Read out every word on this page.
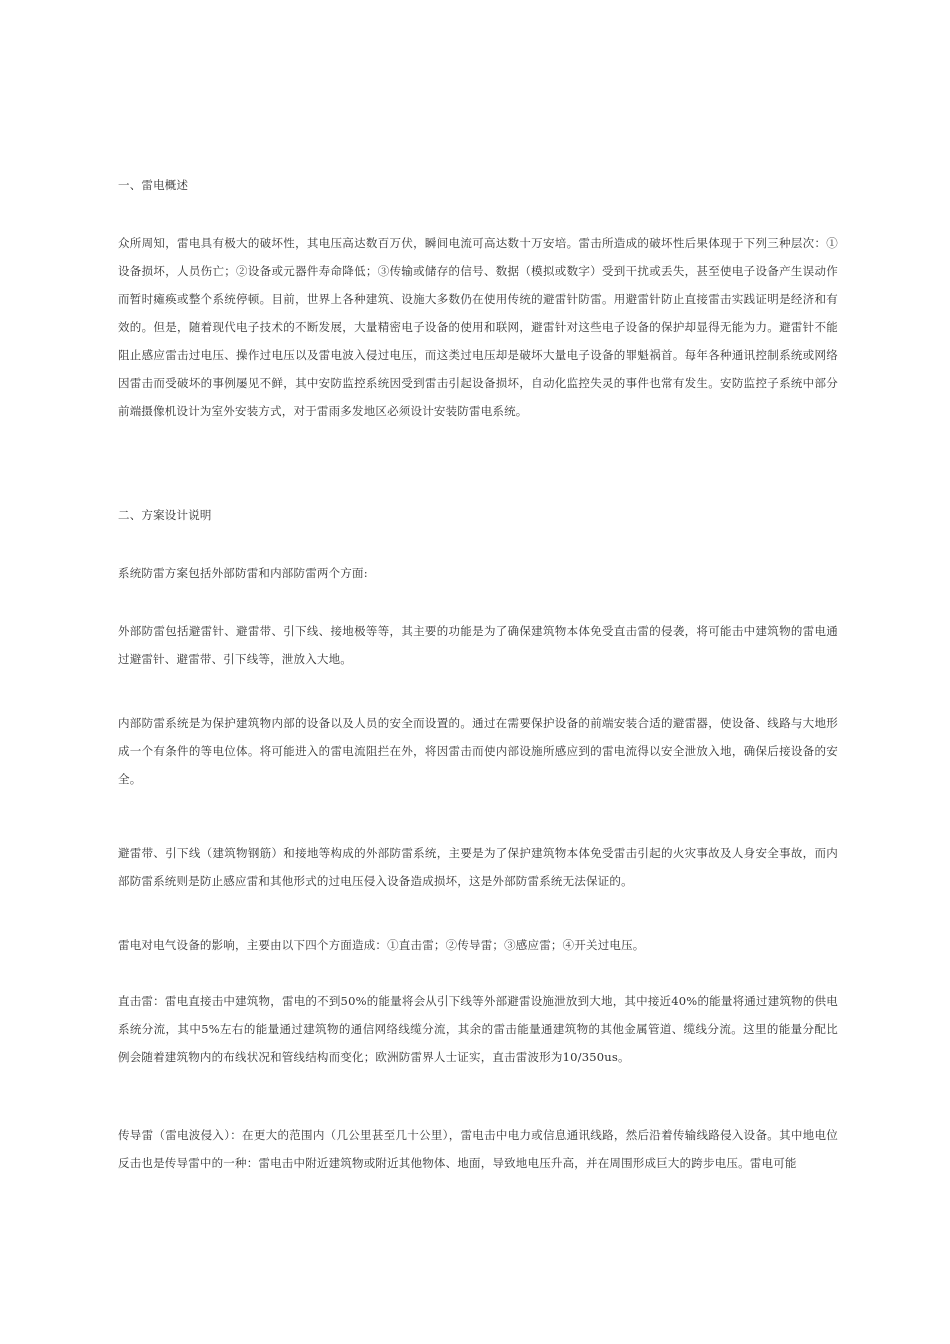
一、雷电概述
众所周知，雷电具有极大的破坏性，其电压高达数百万伏，瞬间电流可高达数十万安培。雷击所造成的破坏性后果体现于下列三种层次：①设备损坏，人员伤亡；②设备或元器件寿命降低；③传输或储存的信号、数据（模拟或数字）受到干扰或丢失，甚至使电子设备产生误动作而暂时瘫痪或整个系统停顿。目前，世界上各种建筑、设施大多数仍在使用传统的避雷针防雷。用避雷针防止直接雷击实践证明是经济和有效的。但是，随着现代电子技术的不断发展，大量精密电子设备的使用和联网，避雷针对这些电子设备的保护却显得无能为力。避雷针不能阻止感应雷击过电压、操作过电压以及雷电波入侵过电压，而这类过电压却是破坏大量电子设备的罪魁祸首。每年各种通讯控制系统或网络因雷击而受破坏的事例屡见不鲜，其中安防监控系统因受到雷击引起设备损坏，自动化监控失灵的事件也常有发生。安防监控子系统中部分前端摄像机设计为室外安装方式，对于雷雨多发地区必须设计安装防雷电系统。
二、方案设计说明
系统防雷方案包括外部防雷和内部防雷两个方面:
外部防雷包括避雷针、避雷带、引下线、接地极等等，其主要的功能是为了确保建筑物本体免受直击雷的侵袭，将可能击中建筑物的雷电通过避雷针、避雷带、引下线等，泄放入大地。
内部防雷系统是为保护建筑物内部的设备以及人员的安全而设置的。通过在需要保护设备的前端安装合适的避雷器，使设备、线路与大地形成一个有条件的等电位体。将可能进入的雷电流阻拦在外，将因雷击而使内部设施所感应到的雷电流得以安全泄放入地，确保后接设备的安全。
避雷带、引下线（建筑物钢筋）和接地等构成的外部防雷系统，主要是为了保护建筑物本体免受雷击引起的火灾事故及人身安全事故，而内部防雷系统则是防止感应雷和其他形式的过电压侵入设备造成损坏，这是外部防雷系统无法保证的。
雷电对电气设备的影响，主要由以下四个方面造成：①直击雷；②传导雷；③感应雷；④开关过电压。
直击雷：雷电直接击中建筑物，雷电的不到50%的能量将会从引下线等外部避雷设施泄放到大地，其中接近40%的能量将通过建筑物的供电系统分流，其中5%左右的能量通过建筑物的通信网络线缆分流，其余的雷击能量通建筑物的其他金属管道、缆线分流。这里的能量分配比例会随着建筑物内的布线状况和管线结构而变化；欧洲防雷界人士证实，直击雷波形为10/350us。
传导雷（雷电波侵入）：在更大的范围内（几公里甚至几十公里），雷电击中电力或信息通讯线路，然后沿着传输线路侵入设备。其中地电位反击也是传导雷中的一种：雷电击中附近建筑物或附近其他物体、地面，导致地电压升高，并在周围形成巨大的跨步电压。雷电可能
